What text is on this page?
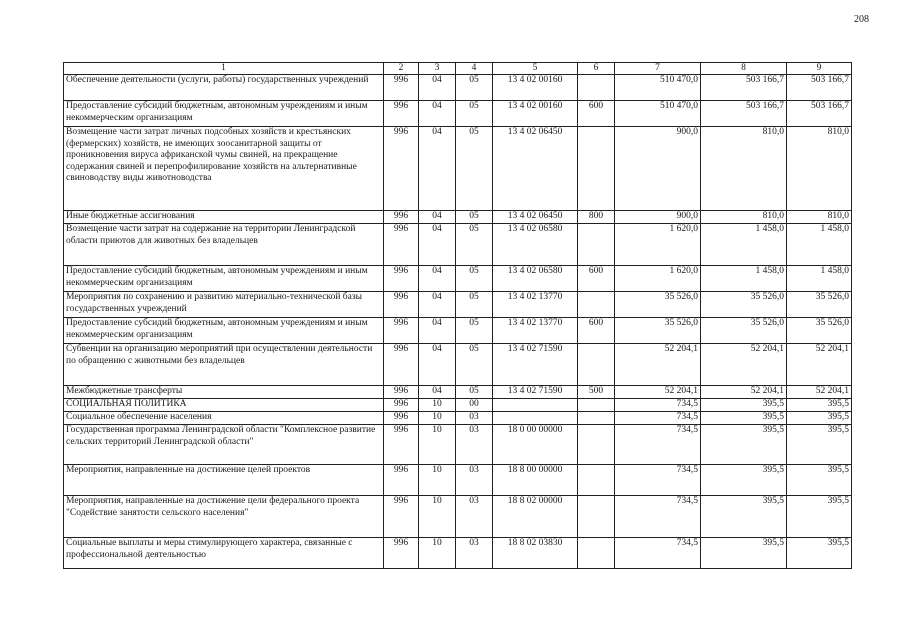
208
1	2	3	4	5	6	7	8	9
Обеспечение деятельности (услуги, работы) государственных учреждений	996	04	05	13 4 02 00160		510 470,0	503 166,7	503 166,7
Предоставление субсидий бюджетным, автономным учреждениям и иным некоммерческим организациям	996	04	05	13 4 02 00160	600	510 470,0	503 166,7	503 166,7
Возмещение части затрат личных подсобных хозяйств и крестьянских (фермерских) хозяйств, не имеющих зоосанитарной защиты от проникновения вируса африканской чумы свиней, на прекращение содержания свиней и перепрофилирование хозяйств на альтернативные свиноводству виды животноводства	996	04	05	13 4 02 06450		900,0	810,0	810,0
Иные бюджетные ассигнования	996	04	05	13 4 02 06450	800	900,0	810,0	810,0
Возмещение части затрат на содержание на территории Ленинградской области приютов для животных без владельцев	996	04	05	13 4 02 06580		1 620,0	1 458,0	1 458,0
Предоставление субсидий бюджетным, автономным учреждениям и иным некоммерческим организациям	996	04	05	13 4 02 06580	600	1 620,0	1 458,0	1 458,0
Мероприятия по сохранению и развитию материально-технической базы государственных учреждений	996	04	05	13 4 02 13770		35 526,0	35 526,0	35 526,0
Предоставление субсидий бюджетным, автономным учреждениям и иным некоммерческим организациям	996	04	05	13 4 02 13770	600	35 526,0	35 526,0	35 526,0
Субвенции на организацию мероприятий при осуществлении деятельности по обращению с животными без владельцев	996	04	05	13 4 02 71590		52 204,1	52 204,1	52 204,1
Межбюджетные трансферты	996	04	05	13 4 02 71590	500	52 204,1	52 204,1	52 204,1
СОЦИАЛЬНАЯ ПОЛИТИКА	996	10	00			734,5	395,5	395,5
Социальное обеспечение населения	996	10	03			734,5	395,5	395,5
Государственная программа Ленинградской области "Комплексное развитие сельских территорий Ленинградской области"	996	10	03	18 0 00 00000		734,5	395,5	395,5
Мероприятия, направленные на достижение целей проектов	996	10	03	18 8 00 00000		734,5	395,5	395,5
Мероприятия, направленные на достижение цели федерального проекта "Содействие занятости сельского населения"	996	10	03	18 8 02 00000		734,5	395,5	395,5
Социальные выплаты и меры стимулирующего характера, связанные с профессиональной деятельностью	996	10	03	18 8 02 03830		734,5	395,5	395,5
